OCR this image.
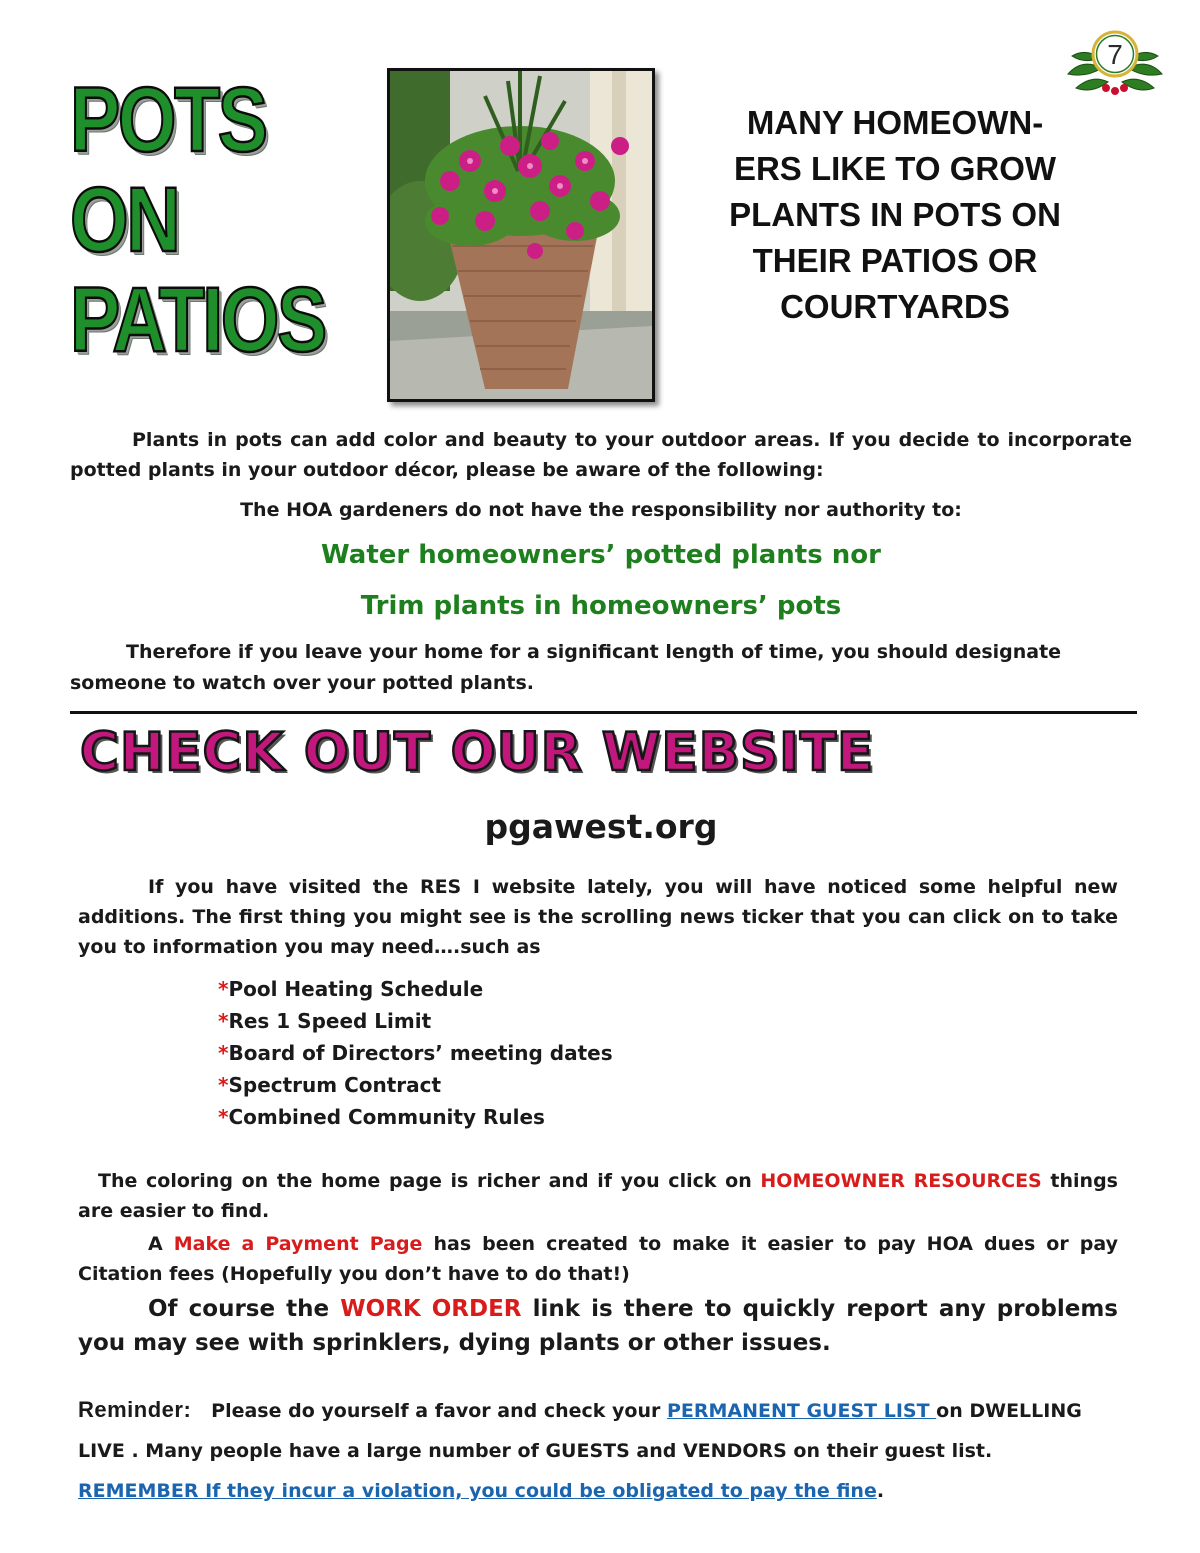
7
POTS
ON
PATIOS
MANY HOMEOWN-
ERS LIKE TO GROW
PLANTS IN POTS ON
THEIR PATIOS OR
COURTYARDS
Plants in pots can add color and beauty to your outdoor areas. If you decide to incorporate potted plants in your outdoor décor, please be aware of the following:
The HOA gardeners do not have the responsibility nor authority to:
Water homeowners’ potted plants nor
Trim plants in homeowners’ pots
Therefore if you leave your home for a significant length of time, you should designate someone to watch over your potted plants.
CHECK OUT OUR WEBSITE
pgawest.org
If you have visited the RES I website lately, you will have noticed some helpful new additions. The first thing you might see is the scrolling news ticker that you can click on to take you to information you may need….such as
*Pool Heating Schedule
*Res 1 Speed Limit
*Board of Directors’ meeting dates
*Spectrum Contract
*Combined Community Rules
The coloring on the home page is richer and if you click on HOMEOWNER RESOURCES things are easier to find.
A Make a Payment Page has been created to make it easier to pay HOA dues or pay Citation fees (Hopefully you don’t have to do that!)
Of course the WORK ORDER link is there to quickly report any problems you may see with sprinklers, dying plants or other issues.
Reminder: Please do yourself a favor and check your PERMANENT GUEST LIST on DWELLING LIVE . Many people have a large number of GUESTS and VENDORS on their guest list. REMEMBER If they incur a violation, you could be obligated to pay the fine.
